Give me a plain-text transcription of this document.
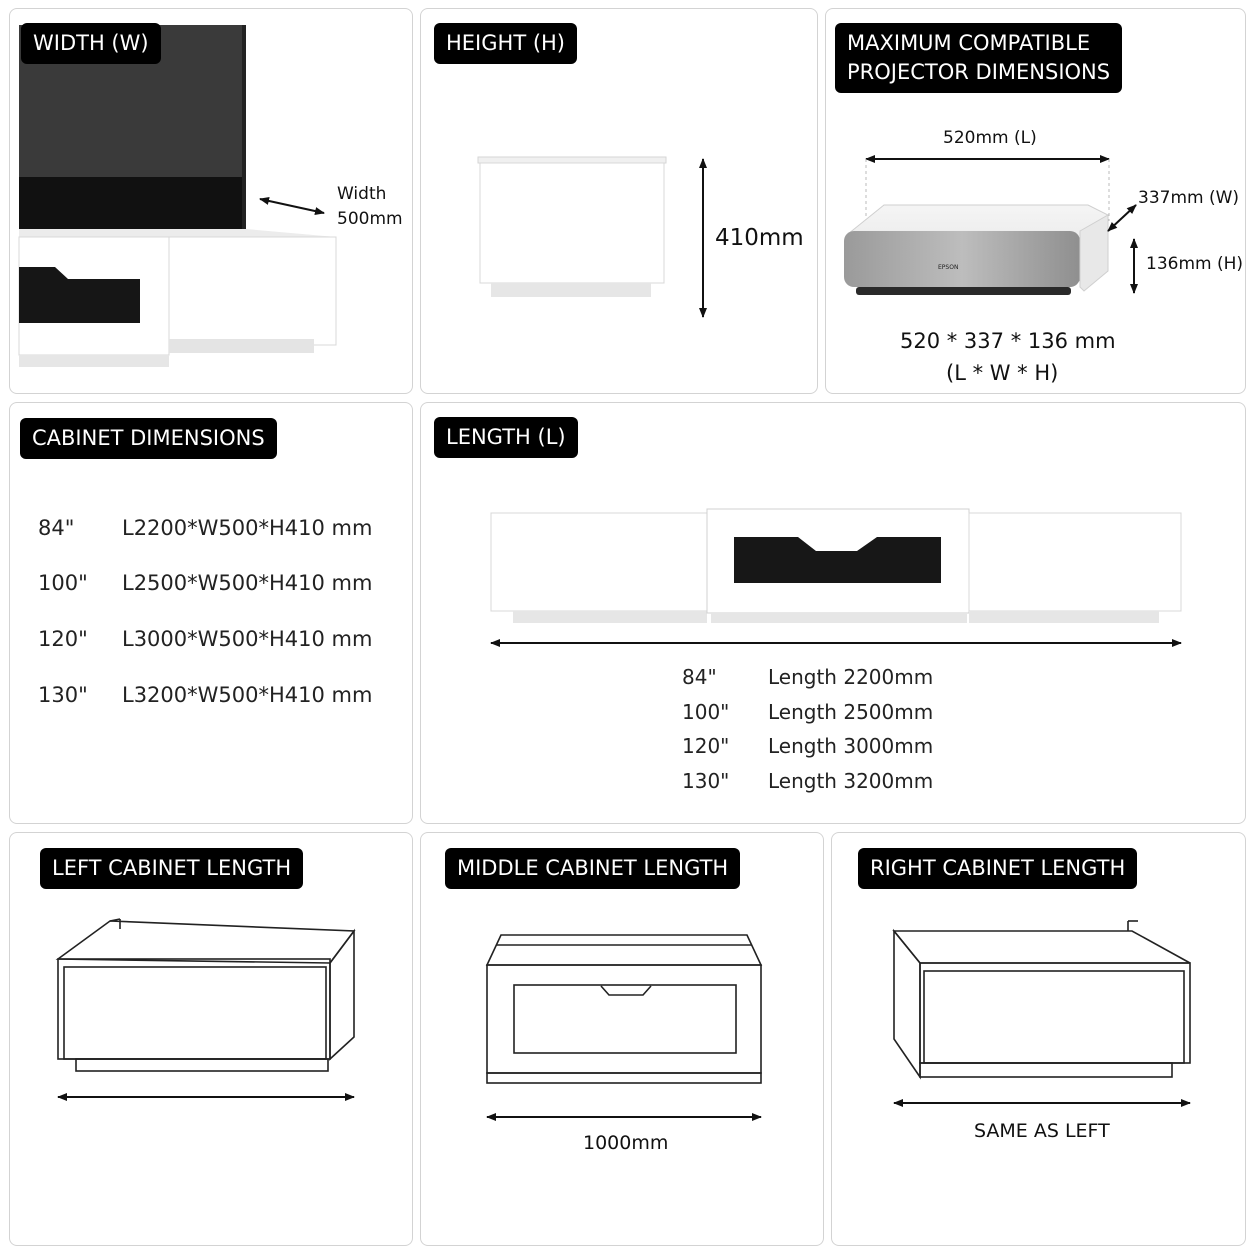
WIDTH (W)
Width
500mm
HEIGHT (H)
410mm
MAXIMUM COMPATIBLE
PROJECTOR DIMENSIONS
520mm (L)
337mm (W)
136mm (H)
EPSON
520 * 337 * 136 mm
(L * W * H)
CABINET DIMENSIONS
84" L2200*W500*H410 mm
100" L2500*W500*H410 mm
120" L3000*W500*H410 mm
130" L3200*W500*H410 mm
LENGTH (L)
84"	Length 2200mm
100" Length 2500mm
120" Length 3000mm
130" Length 3200mm
LEFT CABINET LENGTH	MIDDLE CABINET LENGTH
1000mm
RIGHT CABINET LENGTH
SAME AS LEFT
